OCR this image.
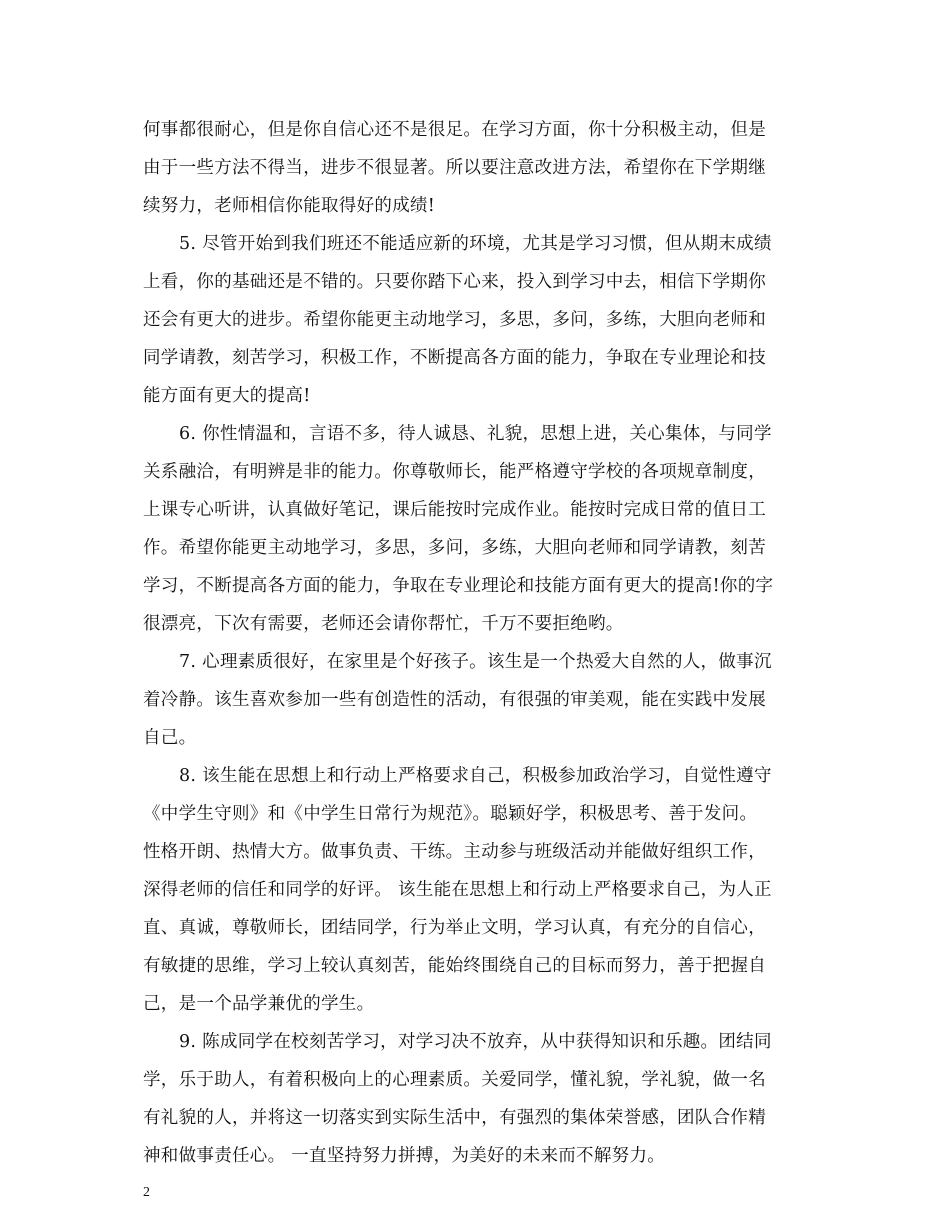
何事都很耐心，但是你自信心还不是很足。在学习方面，你十分积极主动，但是
由于一些方法不得当，进步不很显著。所以要注意改进方法，希望你在下学期继
续努力，老师相信你能取得好的成绩!
5. 尽管开始到我们班还不能适应新的环境，尤其是学习习惯，但从期末成绩
上看，你的基础还是不错的。只要你踏下心来，投入到学习中去，相信下学期你
还会有更大的进步。希望你能更主动地学习，多思，多问，多练，大胆向老师和
同学请教，刻苦学习，积极工作，不断提高各方面的能力，争取在专业理论和技
能方面有更大的提高!
6. 你性情温和，言语不多，待人诚恳、礼貌，思想上进，关心集体，与同学
关系融洽，有明辨是非的能力。你尊敬师长，能严格遵守学校的各项规章制度，
上课专心听讲，认真做好笔记，课后能按时完成作业。能按时完成日常的值日工
作。希望你能更主动地学习，多思，多问，多练，大胆向老师和同学请教，刻苦
学习，不断提高各方面的能力，争取在专业理论和技能方面有更大的提高!你的字
很漂亮，下次有需要，老师还会请你帮忙，千万不要拒绝哟。
7. 心理素质很好，在家里是个好孩子。该生是一个热爱大自然的人，做事沉
着冷静。该生喜欢参加一些有创造性的活动，有很强的审美观，能在实践中发展
自己。
8. 该生能在思想上和行动上严格要求自己，积极参加政治学习，自觉性遵守
《中学生守则》和《中学生日常行为规范》。聪颖好学，积极思考、善于发问。
性格开朗、热情大方。做事负责、干练。主动参与班级活动并能做好组织工作，
深得老师的信任和同学的好评。 该生能在思想上和行动上严格要求自己，为人正
直、真诚，尊敬师长，团结同学，行为举止文明，学习认真，有充分的自信心，
有敏捷的思维，学习上较认真刻苦，能始终围绕自己的目标而努力，善于把握自
己，是一个品学兼优的学生。
9. 陈成同学在校刻苦学习，对学习决不放弃，从中获得知识和乐趣。团结同
学，乐于助人，有着积极向上的心理素质。关爱同学，懂礼貌，学礼貌，做一名
有礼貌的人，并将这一切落实到实际生活中，有强烈的集体荣誉感，团队合作精
神和做事责任心。 一直坚持努力拼搏，为美好的未来而不解努力。
2
